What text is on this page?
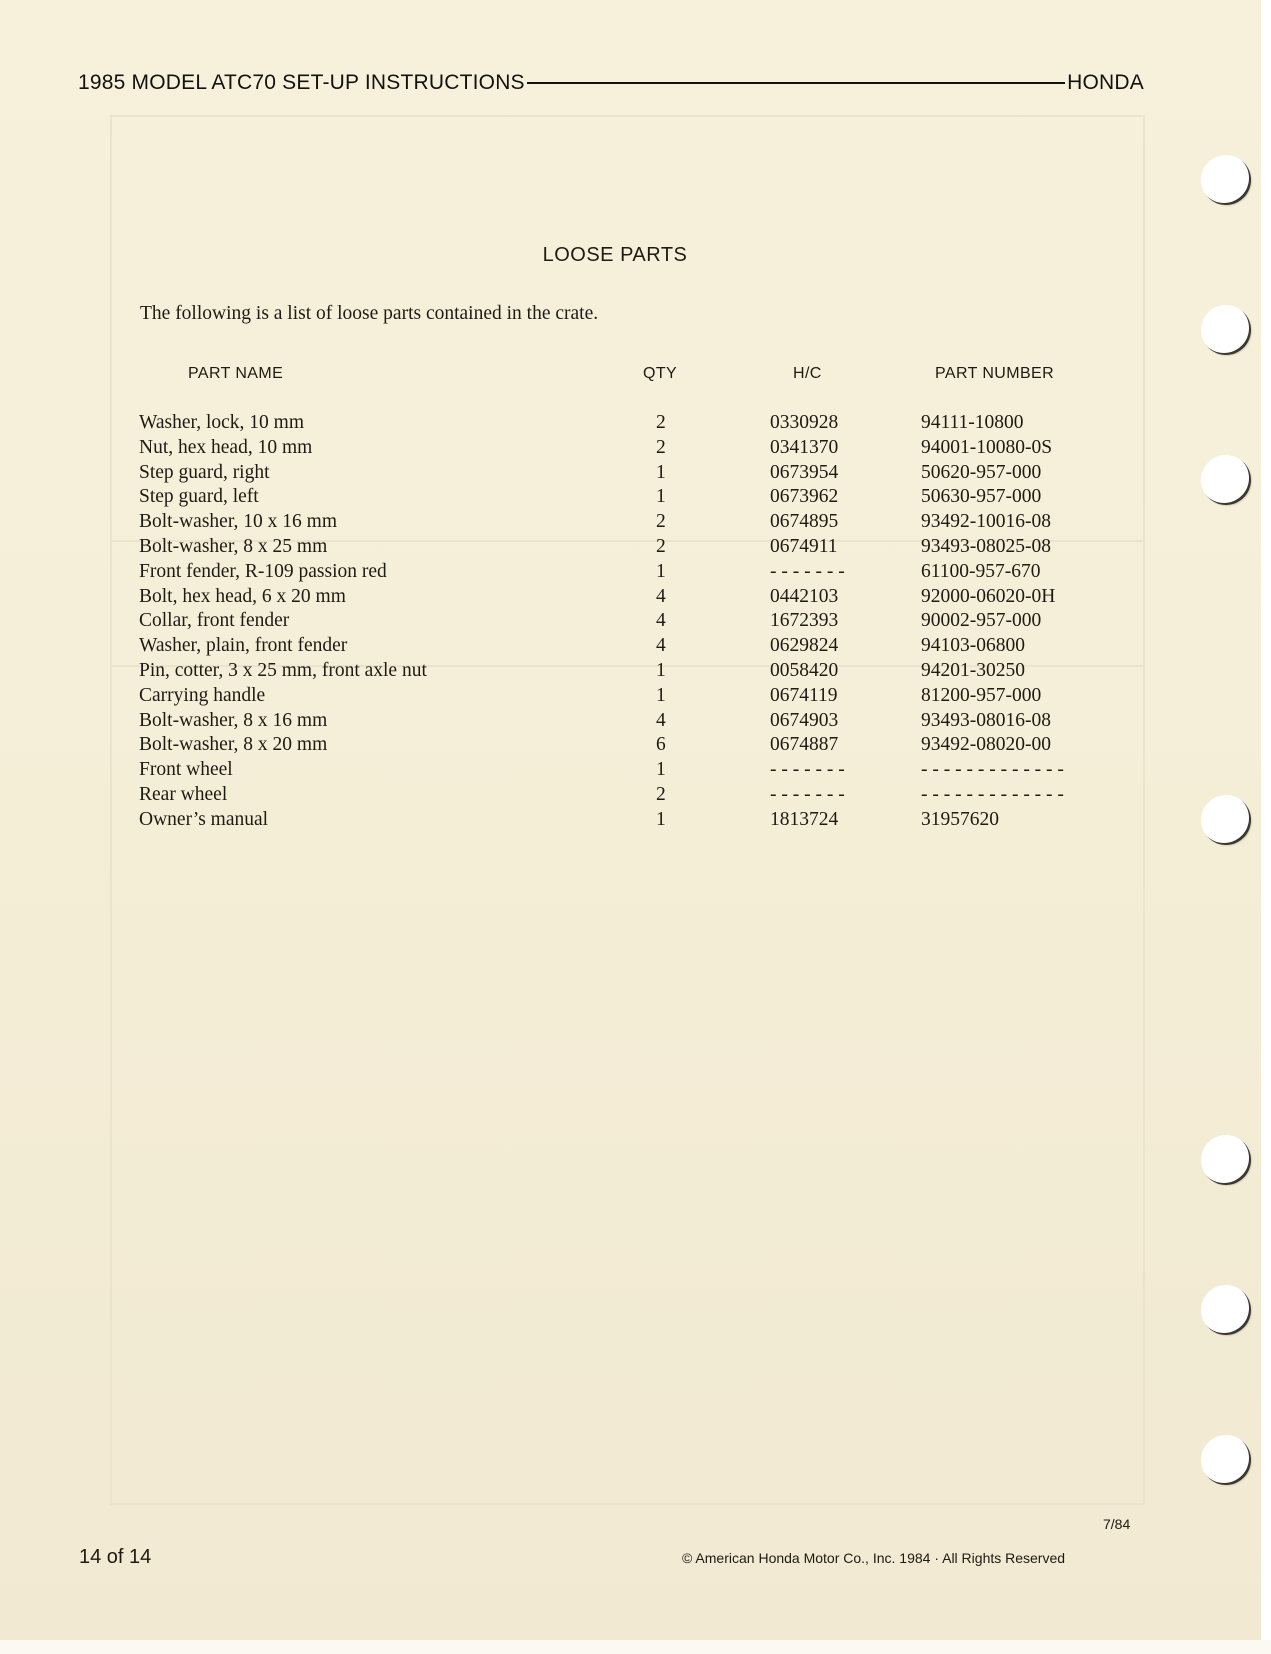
1985 MODEL ATC70 SET-UP INSTRUCTIONS	HONDA
LOOSE PARTS
The following is a list of loose parts contained in the crate.
PART NAME	QTY	H/C	PART NUMBER
Washer, lock, 10 mm	2	0330928	94111-10800
Nut, hex head, 10 mm	2	0341370	94001-10080-0S
Step guard, right	1	0673954	50620-957-000
Step guard, left	1	0673962	50630-957-000
Bolt-washer, 10 x 16 mm	2	0674895	93492-10016-08
Bolt-washer, 8 x 25 mm	2	0674911	93493-08025-08
Front fender, R-109 passion red	1	- - - - - - -	61100-957-670
Bolt, hex head, 6 x 20 mm	4	0442103	92000-06020-0H
Collar, front fender	4	1672393	90002-957-000
Washer, plain, front fender	4	0629824	94103-06800
Pin, cotter, 3 x 25 mm, front axle nut	1	0058420	94201-30250
Carrying handle	1	0674119	81200-957-000
Bolt-washer, 8 x 16 mm	4	0674903	93493-08016-08
Bolt-washer, 8 x 20 mm	6	0674887	93492-08020-00
Front wheel	1	- - - - - - -	- - - - - - - - - - - - -
Rear wheel	2	- - - - - - -	- - - - - - - - - - - - -
Owner’s manual	1	1813724	31957620
7/84
14 of 14	© American Honda Motor Co., Inc. 1984 · All Rights Reserved
